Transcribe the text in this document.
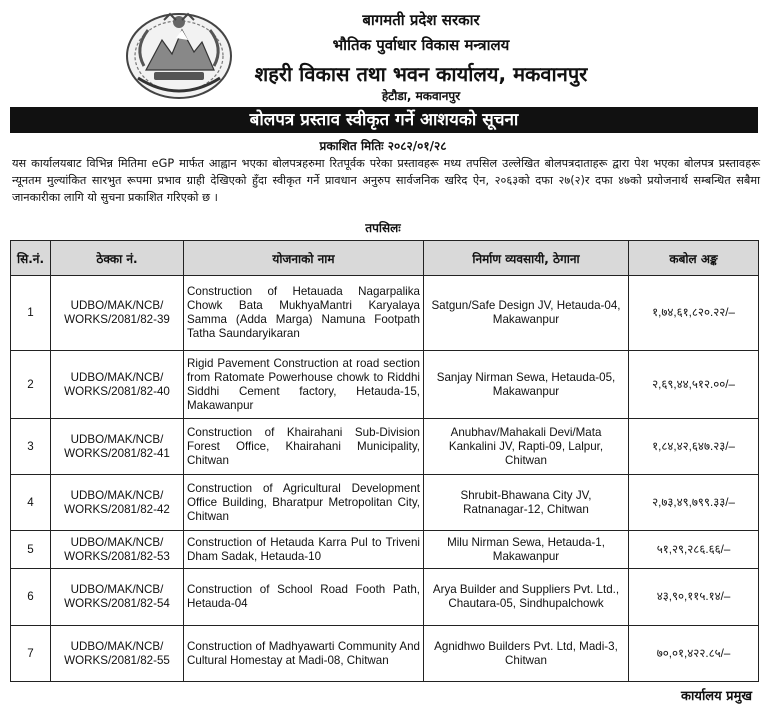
बागमती प्रदेश सरकार
भौतिक पुर्वाधार विकास मन्त्रालय
शहरी विकास तथा भवन कार्यालय, मकवानपुर
हेटौडा, मकवानपुर
बोलपत्र प्रस्ताव स्वीकृत गर्ने आशयको सूचना
प्रकाशित मितिः २०८२/०१/२८
यस कार्यालयबाट विभिन्न मितिमा eGP मार्फत आह्वान भएका बोलपत्रहरुमा रितपूर्वक परेका प्रस्तावहरू मध्य तपसिल उल्लेखित बोलपत्रदाताहरू द्वारा पेश भएका बोलपत्र प्रस्तावहरू न्यूनतम मुल्यांकित सारभुत रूपमा प्रभाव ग्राही देखिएको हुँदा स्वीकृत गर्ने प्रावधान अनुरुप सार्वजनिक खरिद ऐन, २०६३को दफा २७(२)र दफा ४७को प्रयोजनार्थ सम्बन्धित सबैमा जानकारीका लागि यो सुचना प्रकाशित गरिएको छ ।
तपसिलः
सि.नं.	ठेक्का नं.	योजनाको नाम	निर्माण व्यवसायी, ठेगाना	कबोल अङ्क
1	UDBO/MAK/NCB/ WORKS/2081/82-39	Construction of Hetauada Nagarpalika Chowk Bata MukhyaMantri Karyalaya Samma (Adda Marga) Namuna Footpath Tatha Saundaryikaran	Satgun/Safe Design JV, Hetauda-04, Makawanpur	१,७४,६१,८२०.२२/–
2	UDBO/MAK/NCB/ WORKS/2081/82-40	Rigid Pavement Construction at road section from Ratomate Powerhouse chowk to Riddhi Siddhi Cement factory, Hetauda-15, Makawanpur	Sanjay Nirman Sewa, Hetauda-05, Makawanpur	२,६९,४४,५१२.००/–
3	UDBO/MAK/NCB/ WORKS/2081/82-41	Construction of Khairahani Sub-Division Forest Office, Khairahani Municipality, Chitwan	Anubhav/Mahakali Devi/Mata Kankalini JV, Rapti-09, Lalpur, Chitwan	१,८४,४२,६४७.२३/–
4	UDBO/MAK/NCB/ WORKS/2081/82-42	Construction of Agricultural Development Office Building, Bharatpur Metropolitan City, Chitwan	Shrubit-Bhawana City JV, Ratnanagar-12, Chitwan	२,७३,४९,७९९.३३/–
5	UDBO/MAK/NCB/ WORKS/2081/82-53	Construction of Hetauda Karra Pul to Triveni Dham Sadak, Hetauda-10	Milu Nirman Sewa, Hetauda-1, Makawanpur	५१,२९,२८६.६६/–
6	UDBO/MAK/NCB/ WORKS/2081/82-54	Construction of School Road Footh Path, Hetauda-04	Arya Builder and Suppliers Pvt. Ltd., Chautara-05, Sindhupalchowk	४३,९०,११५.१४/–
7	UDBO/MAK/NCB/ WORKS/2081/82-55	Construction of Madhyawarti Community And Cultural Homestay at Madi-08, Chitwan	Agnidhwo Builders Pvt. Ltd, Madi-3, Chitwan	७०,०१,४२२.८५/–
कार्यालय प्रमुख
